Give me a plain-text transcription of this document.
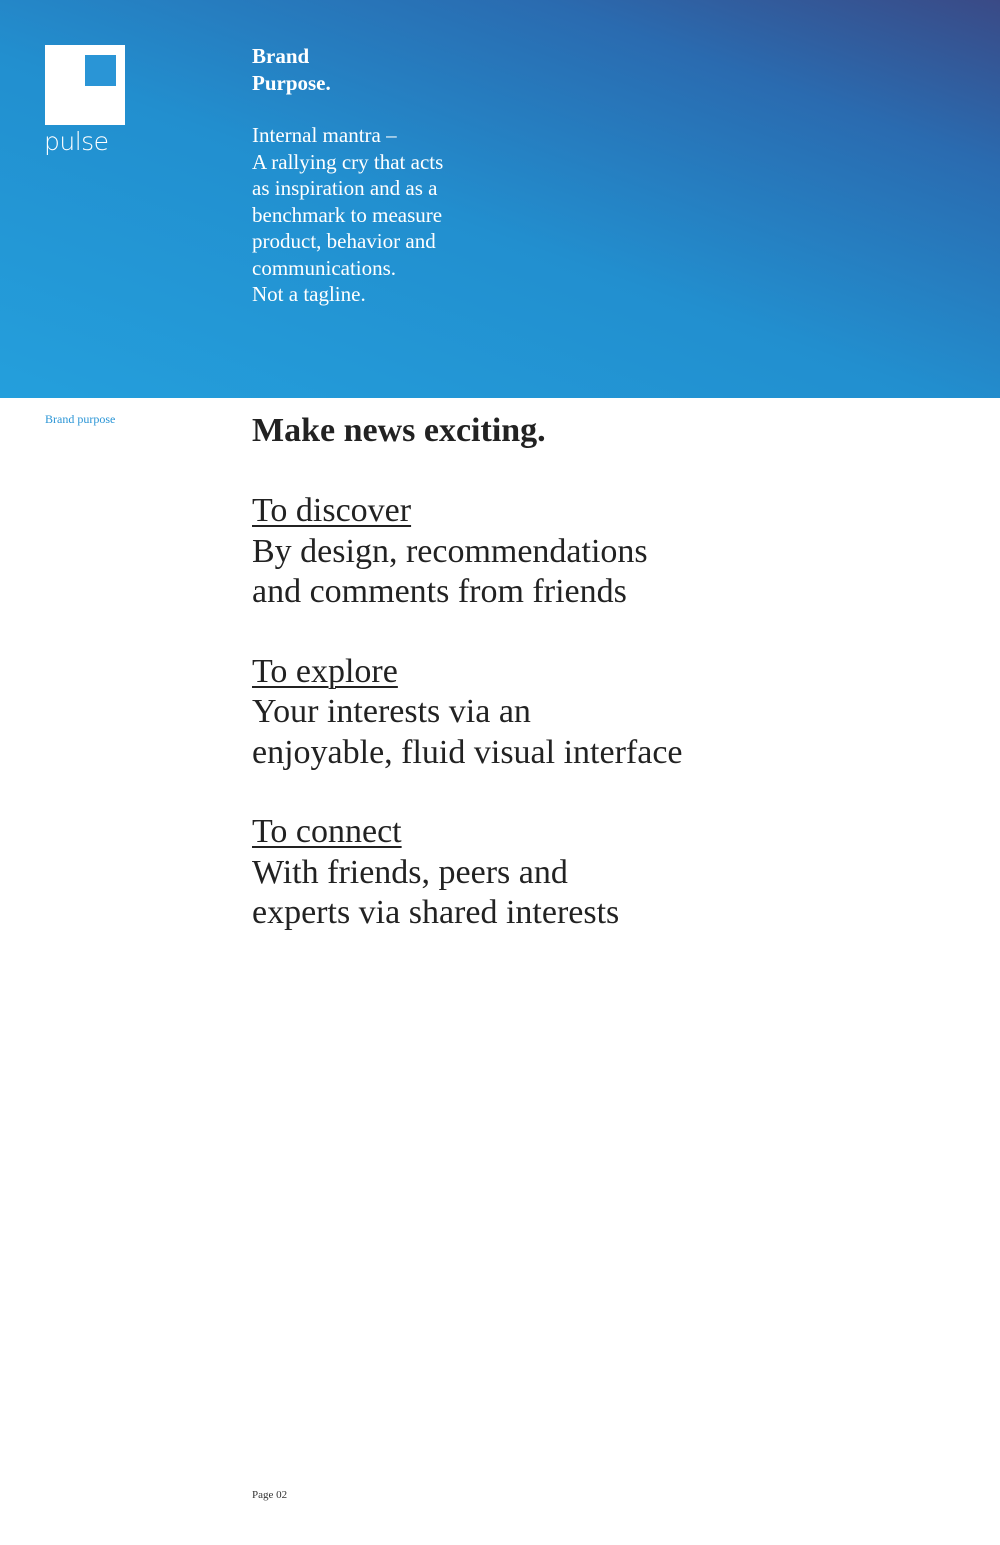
pulse
Brand
Purpose.
Internal mantra –
A rallying cry that acts
as inspiration and as a
benchmark to measure
product, behavior and
communications.
Not a tagline.
Brand purpose	Make news exciting.
To discover
By design, recommendations
and comments from friends
To explore
Your interests via an
enjoyable, fluid visual interface
To connect
With friends, peers and
experts via shared interests
Page 02
